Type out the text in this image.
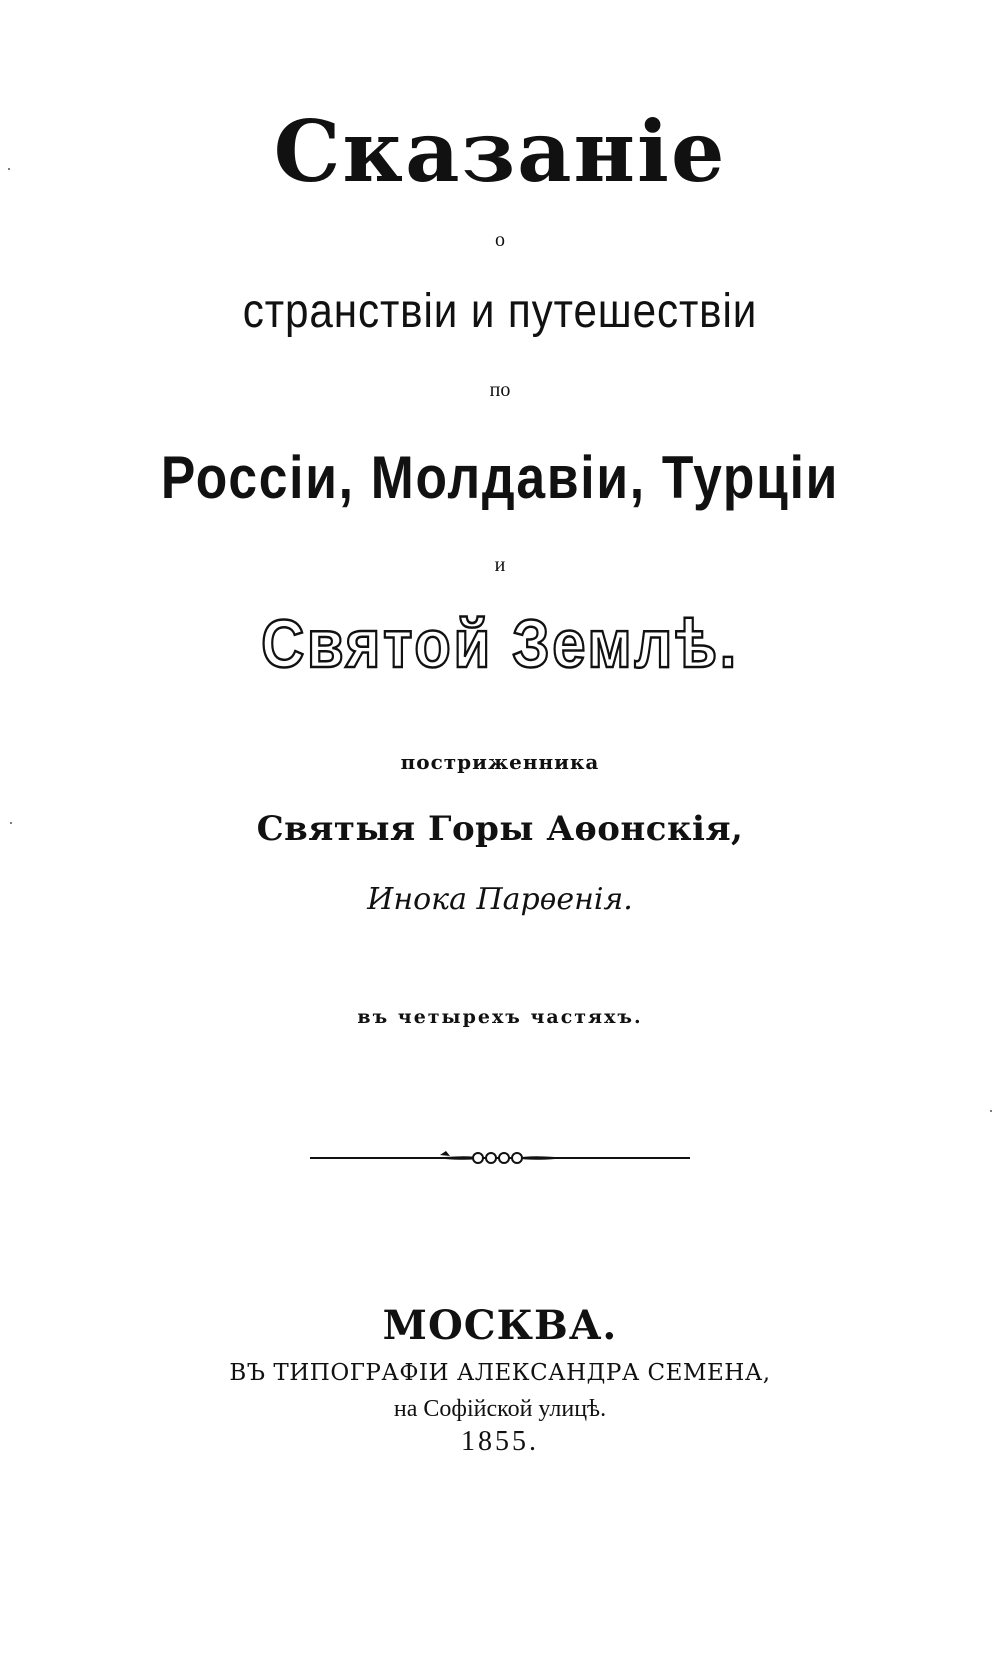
Сказаніе
о
странствіи и путешествіи
по
Россіи, Молдавіи, Турціи
и
Святой Землѣ.
постриженника
Святыя Горы Аѳонскія,
Инока Парѳенія.
въ четырехъ частяхъ.
МОСКВА.
ВЪ ТИПОГРАФІИ АЛЕКСАНДРА СЕМЕНА,
на Софійской улицѣ.
1855.
